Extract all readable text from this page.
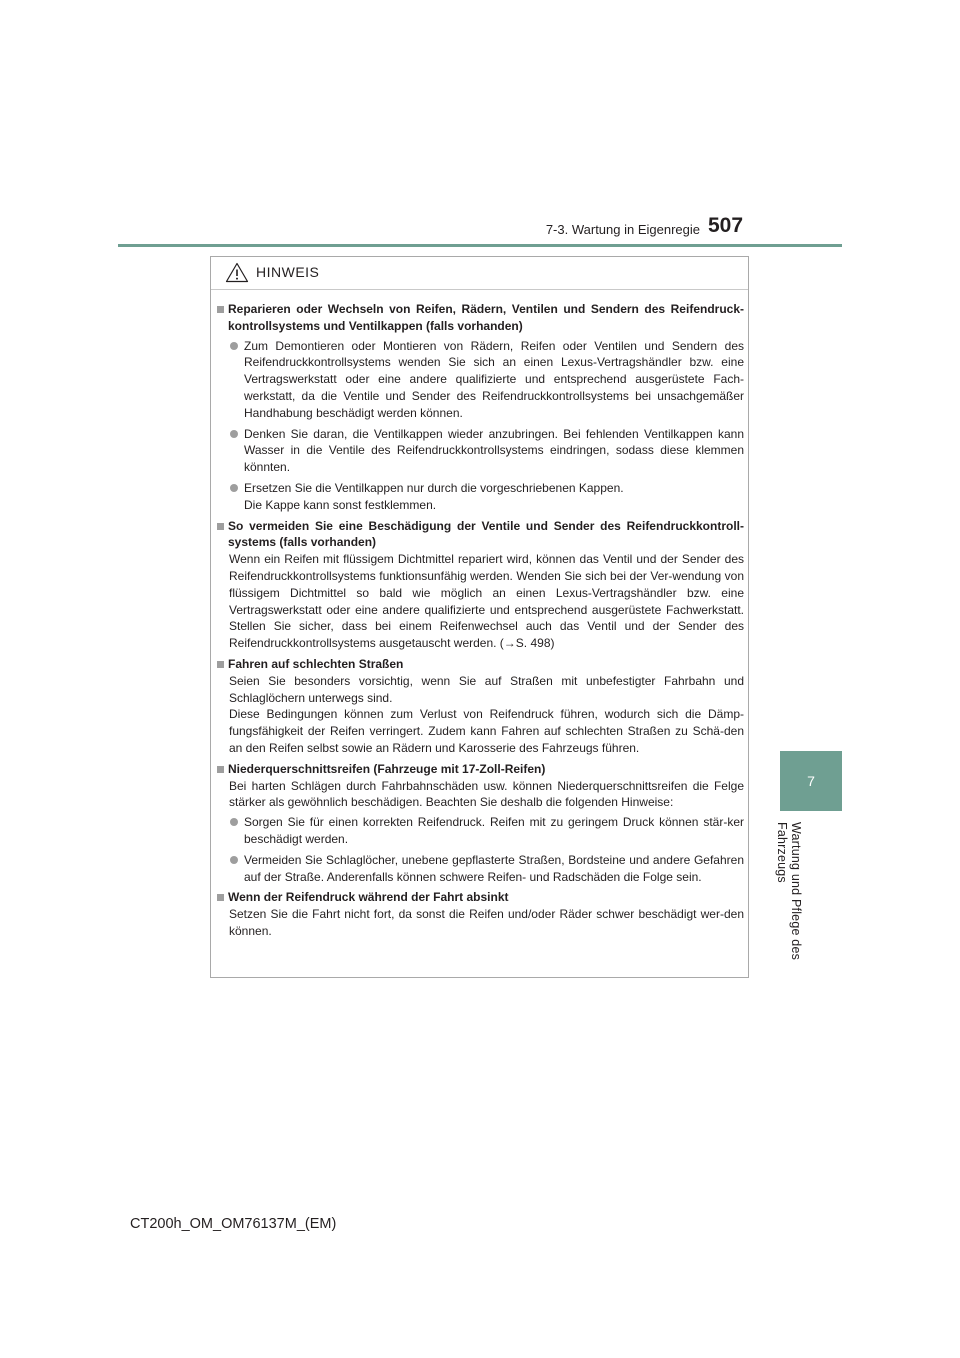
7-3. Wartung in Eigenregie 507
7
Wartung und Pflege des Fahrzeugs
HINWEIS
Reparieren oder Wechseln von Reifen, Rädern, Ventilen und Sendern des Reifendruck-kontrollsystems und Ventilkappen (falls vorhanden)
Zum Demontieren oder Montieren von Rädern, Reifen oder Ventilen und Sendern des Reifendruckkontrollsystems wenden Sie sich an einen Lexus-Vertragshändler bzw. eine Vertragswerkstatt oder eine andere qualifizierte und entsprechend ausgerüstete Fach-werkstatt, da die Ventile und Sender des Reifendruckkontrollsystems bei unsachgemäßer Handhabung beschädigt werden können.
Denken Sie daran, die Ventilkappen wieder anzubringen. Bei fehlenden Ventilkappen kann Wasser in die Ventile des Reifendruckkontrollsystems eindringen, sodass diese klemmen könnten.
Ersetzen Sie die Ventilkappen nur durch die vorgeschriebenen Kappen.
Die Kappe kann sonst festklemmen.
So vermeiden Sie eine Beschädigung der Ventile und Sender des Reifendruckkontroll-systems (falls vorhanden)
Wenn ein Reifen mit flüssigem Dichtmittel repariert wird, können das Ventil und der Sender des Reifendruckkontrollsystems funktionsunfähig werden. Wenden Sie sich bei der Ver-wendung von flüssigem Dichtmittel so bald wie möglich an einen Lexus-Vertragshändler bzw. eine Vertragswerkstatt oder eine andere qualifizierte und entsprechend ausgerüstete Fachwerkstatt. Stellen Sie sicher, dass bei einem Reifenwechsel auch das Ventil und der Sender des Reifendruckkontrollsystems ausgetauscht werden. (→S. 498)
Fahren auf schlechten Straßen
Seien Sie besonders vorsichtig, wenn Sie auf Straßen mit unbefestigter Fahrbahn und Schlaglöchern unterwegs sind.
Diese Bedingungen können zum Verlust von Reifendruck führen, wodurch sich die Dämp-fungsfähigkeit der Reifen verringert. Zudem kann Fahren auf schlechten Straßen zu Schä-den an den Reifen selbst sowie an Rädern und Karosserie des Fahrzeugs führen.
Niederquerschnittsreifen (Fahrzeuge mit 17-Zoll-Reifen)
Bei harten Schlägen durch Fahrbahnschäden usw. können Niederquerschnittsreifen die Felge stärker als gewöhnlich beschädigen. Beachten Sie deshalb die folgenden Hinweise:
Sorgen Sie für einen korrekten Reifendruck. Reifen mit zu geringem Druck können stär-ker beschädigt werden.
Vermeiden Sie Schlaglöcher, unebene gepflasterte Straßen, Bordsteine und andere Gefahren auf der Straße. Anderenfalls können schwere Reifen- und Radschäden die Folge sein.
Wenn der Reifendruck während der Fahrt absinkt
Setzen Sie die Fahrt nicht fort, da sonst die Reifen und/oder Räder schwer beschädigt wer-den können.
CT200h_OM_OM76137M_(EM)
